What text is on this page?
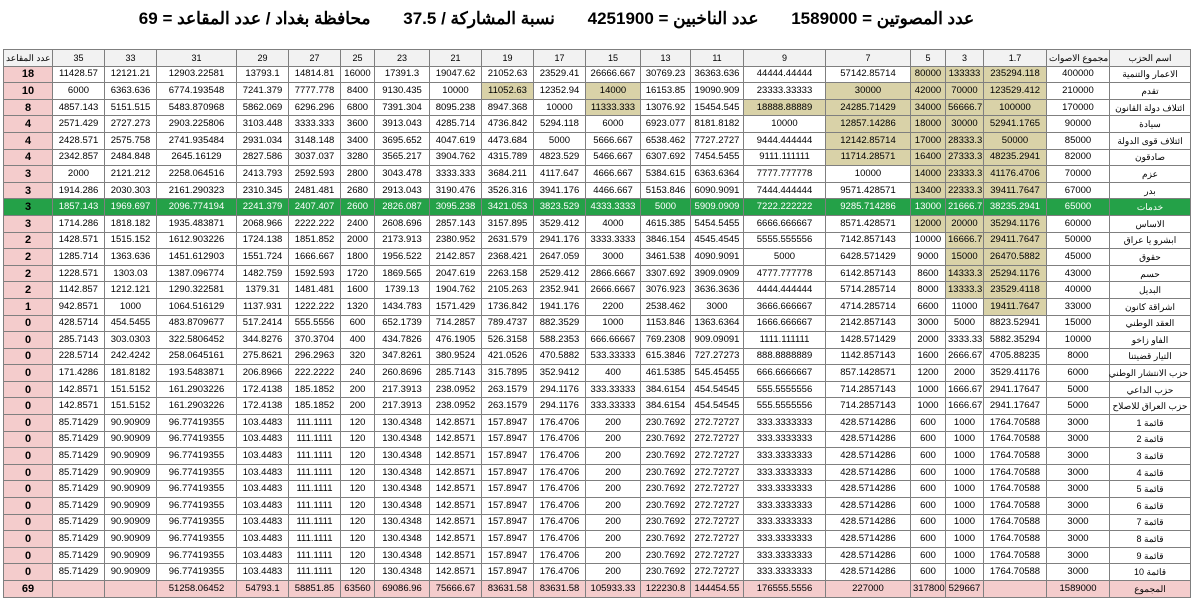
عدد المصوتين = 1589000 عدد الناخبين = 4251900 نسبة المشاركة / 37.5 محافظة بغداد / عدد المقاعد = 69
عدد المقاعد	35	33	31	29	27	25	23	21	19	17	15	13	11	9	7	5	3	1.7	مجموع الاصوات	اسم الحزب
18	11428.57	12121.21	12903.22581	13793.1	14814.81	16000	17391.3	19047.62	21052.63	23529.41	26666.667	30769.23	36363.636	44444.44444	57142.85714	80000	133333	235294.118	400000	الاعمار والتنمية
10	6000	6363.636	6774.193548	7241.379	7777.778	8400	9130.435	10000	11052.63	12352.94	14000	16153.85	19090.909	23333.33333	30000	42000	70000	123529.412	210000	تقدم
8	4857.143	5151.515	5483.870968	5862.069	6296.296	6800	7391.304	8095.238	8947.368	10000	11333.333	13076.92	15454.545	18888.88889	24285.71429	34000	56666.7	100000	170000	ائتلاف دولة القانون
4	2571.429	2727.273	2903.225806	3103.448	3333.333	3600	3913.043	4285.714	4736.842	5294.118	6000	6923.077	8181.8182	10000	12857.14286	18000	30000	52941.1765	90000	سيادة
4	2428.571	2575.758	2741.935484	2931.034	3148.148	3400	3695.652	4047.619	4473.684	5000	5666.667	6538.462	7727.2727	9444.444444	12142.85714	17000	28333.3	50000	85000	ائتلاف قوى الدولة
4	2342.857	2484.848	2645.16129	2827.586	3037.037	3280	3565.217	3904.762	4315.789	4823.529	5466.667	6307.692	7454.5455	9111.111111	11714.28571	16400	27333.3	48235.2941	82000	صادقون
3	2000	2121.212	2258.064516	2413.793	2592.593	2800	3043.478	3333.333	3684.211	4117.647	4666.667	5384.615	6363.6364	7777.777778	10000	14000	23333.3	41176.4706	70000	عزم
3	1914.286	2030.303	2161.290323	2310.345	2481.481	2680	2913.043	3190.476	3526.316	3941.176	4466.667	5153.846	6090.9091	7444.444444	9571.428571	13400	22333.3	39411.7647	67000	بدر
3	1857.143	1969.697	2096.774194	2241.379	2407.407	2600	2826.087	3095.238	3421.053	3823.529	4333.3333	5000	5909.0909	7222.222222	9285.714286	13000	21666.7	38235.2941	65000	خدمات
3	1714.286	1818.182	1935.483871	2068.966	2222.222	2400	2608.696	2857.143	3157.895	3529.412	4000	4615.385	5454.5455	6666.666667	8571.428571	12000	20000	35294.1176	60000	الاساس
2	1428.571	1515.152	1612.903226	1724.138	1851.852	2000	2173.913	2380.952	2631.579	2941.176	3333.3333	3846.154	4545.4545	5555.555556	7142.857143	10000	16666.7	29411.7647	50000	ابشرو يا عراق
2	1285.714	1363.636	1451.612903	1551.724	1666.667	1800	1956.522	2142.857	2368.421	2647.059	3000	3461.538	4090.9091	5000	6428.571429	9000	15000	26470.5882	45000	حقوق
2	1228.571	1303.03	1387.096774	1482.759	1592.593	1720	1869.565	2047.619	2263.158	2529.412	2866.6667	3307.692	3909.0909	4777.777778	6142.857143	8600	14333.3	25294.1176	43000	حسم
2	1142.857	1212.121	1290.322581	1379.31	1481.481	1600	1739.13	1904.762	2105.263	2352.941	2666.6667	3076.923	3636.3636	4444.444444	5714.285714	8000	13333.3	23529.4118	40000	البديل
1	942.8571	1000	1064.516129	1137.931	1222.222	1320	1434.783	1571.429	1736.842	1941.176	2200	2538.462	3000	3666.666667	4714.285714	6600	11000	19411.7647	33000	اشراقة كانون
0	428.5714	454.5455	483.8709677	517.2414	555.5556	600	652.1739	714.2857	789.4737	882.3529	1000	1153.846	1363.6364	1666.666667	2142.857143	3000	5000	8823.52941	15000	العقد الوطني
0	285.7143	303.0303	322.5806452	344.8276	370.3704	400	434.7826	476.1905	526.3158	588.2353	666.66667	769.2308	909.09091	1111.111111	1428.571429	2000	3333.33	5882.35294	10000	الفاو زاخو
0	228.5714	242.4242	258.0645161	275.8621	296.2963	320	347.8261	380.9524	421.0526	470.5882	533.33333	615.3846	727.27273	888.8888889	1142.857143	1600	2666.67	4705.88235	8000	التيار قضيتنا
0	171.4286	181.8182	193.5483871	206.8966	222.2222	240	260.8696	285.7143	315.7895	352.9412	400	461.5385	545.45455	666.6666667	857.1428571	1200	2000	3529.41176	6000	حزب الانتشار الوطني
0	142.8571	151.5152	161.2903226	172.4138	185.1852	200	217.3913	238.0952	263.1579	294.1176	333.33333	384.6154	454.54545	555.5555556	714.2857143	1000	1666.67	2941.17647	5000	حزب الداعي
0	142.8571	151.5152	161.2903226	172.4138	185.1852	200	217.3913	238.0952	263.1579	294.1176	333.33333	384.6154	454.54545	555.5555556	714.2857143	1000	1666.67	2941.17647	5000	حزب العراق للاصلاح
0	85.71429	90.90909	96.77419355	103.4483	111.1111	120	130.4348	142.8571	157.8947	176.4706	200	230.7692	272.72727	333.3333333	428.5714286	600	1000	1764.70588	3000	قائمة 1
0	85.71429	90.90909	96.77419355	103.4483	111.1111	120	130.4348	142.8571	157.8947	176.4706	200	230.7692	272.72727	333.3333333	428.5714286	600	1000	1764.70588	3000	قائمة 2
0	85.71429	90.90909	96.77419355	103.4483	111.1111	120	130.4348	142.8571	157.8947	176.4706	200	230.7692	272.72727	333.3333333	428.5714286	600	1000	1764.70588	3000	قائمة 3
0	85.71429	90.90909	96.77419355	103.4483	111.1111	120	130.4348	142.8571	157.8947	176.4706	200	230.7692	272.72727	333.3333333	428.5714286	600	1000	1764.70588	3000	قائمة 4
0	85.71429	90.90909	96.77419355	103.4483	111.1111	120	130.4348	142.8571	157.8947	176.4706	200	230.7692	272.72727	333.3333333	428.5714286	600	1000	1764.70588	3000	قائمة 5
0	85.71429	90.90909	96.77419355	103.4483	111.1111	120	130.4348	142.8571	157.8947	176.4706	200	230.7692	272.72727	333.3333333	428.5714286	600	1000	1764.70588	3000	قائمة 6
0	85.71429	90.90909	96.77419355	103.4483	111.1111	120	130.4348	142.8571	157.8947	176.4706	200	230.7692	272.72727	333.3333333	428.5714286	600	1000	1764.70588	3000	قائمة 7
0	85.71429	90.90909	96.77419355	103.4483	111.1111	120	130.4348	142.8571	157.8947	176.4706	200	230.7692	272.72727	333.3333333	428.5714286	600	1000	1764.70588	3000	قائمة 8
0	85.71429	90.90909	96.77419355	103.4483	111.1111	120	130.4348	142.8571	157.8947	176.4706	200	230.7692	272.72727	333.3333333	428.5714286	600	1000	1764.70588	3000	قائمة 9
0	85.71429	90.90909	96.77419355	103.4483	111.1111	120	130.4348	142.8571	157.8947	176.4706	200	230.7692	272.72727	333.3333333	428.5714286	600	1000	1764.70588	3000	قائمة 10
69			51258.06452	54793.1	58851.85	63560	69086.96	75666.67	83631.58	83631.58	105933.33	122230.8	144454.55	176555.5556	227000	317800	529667		1589000	المجموع
